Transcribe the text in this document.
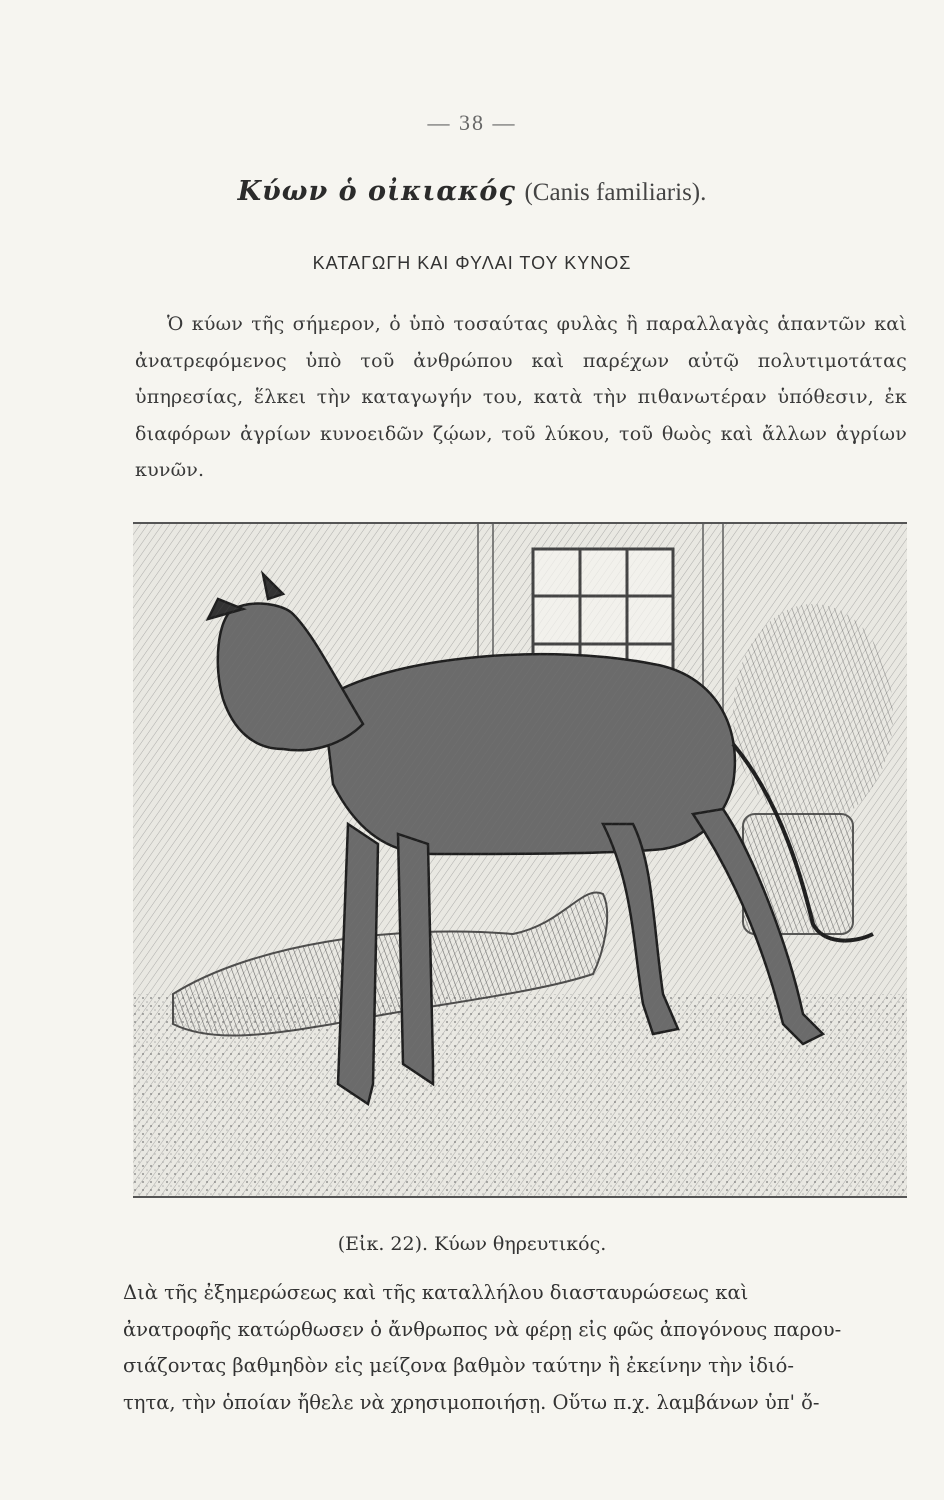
— 38 —
Κύων ὁ οἰκιακός (Canis familiaris).
ΚΑΤΑΓΩΓΗ ΚΑΙ ΦΥΛΑΙ ΤΟΥ ΚΥΝΟΣ
Ὁ κύων τῆς σήμερον, ὁ ὑπὸ τοσαύτας φυλὰς ἢ παραλλαγὰς ἁπαντῶν καὶ ἀνατρεφόμενος ὑπὸ τοῦ ἀνθρώπου καὶ παρέχων αὐτῷ πολυτιμοτάτας ὑπηρεσίας, ἕλκει τὴν καταγωγήν του, κατὰ τὴν πιθανωτέραν ὑπόθεσιν, ἐκ διαφόρων ἀγρίων κυνοειδῶν ζῴων, τοῦ λύκου, τοῦ θωὸς καὶ ἄλλων ἀγρίων κυνῶν.
(Εἰκ. 22). Κύων θηρευτικός.
Διὰ τῆς ἐξημερώσεως καὶ τῆς καταλλήλου διασταυρώσεως καὶ
ἀνατροφῆς κατώρθωσεν ὁ ἄνθρωπος νὰ φέρῃ εἰς φῶς ἀπογόνους παρου-
σιάζοντας βαθμηδὸν εἰς μείζονα βαθμὸν ταύτην ἢ ἐκείνην τὴν ἰδιό-
τητα, τὴν ὁποίαν ἤθελε νὰ χρησιμοποιήσῃ. Οὕτω π.χ. λαμβάνων ὑπ' ὄ-
